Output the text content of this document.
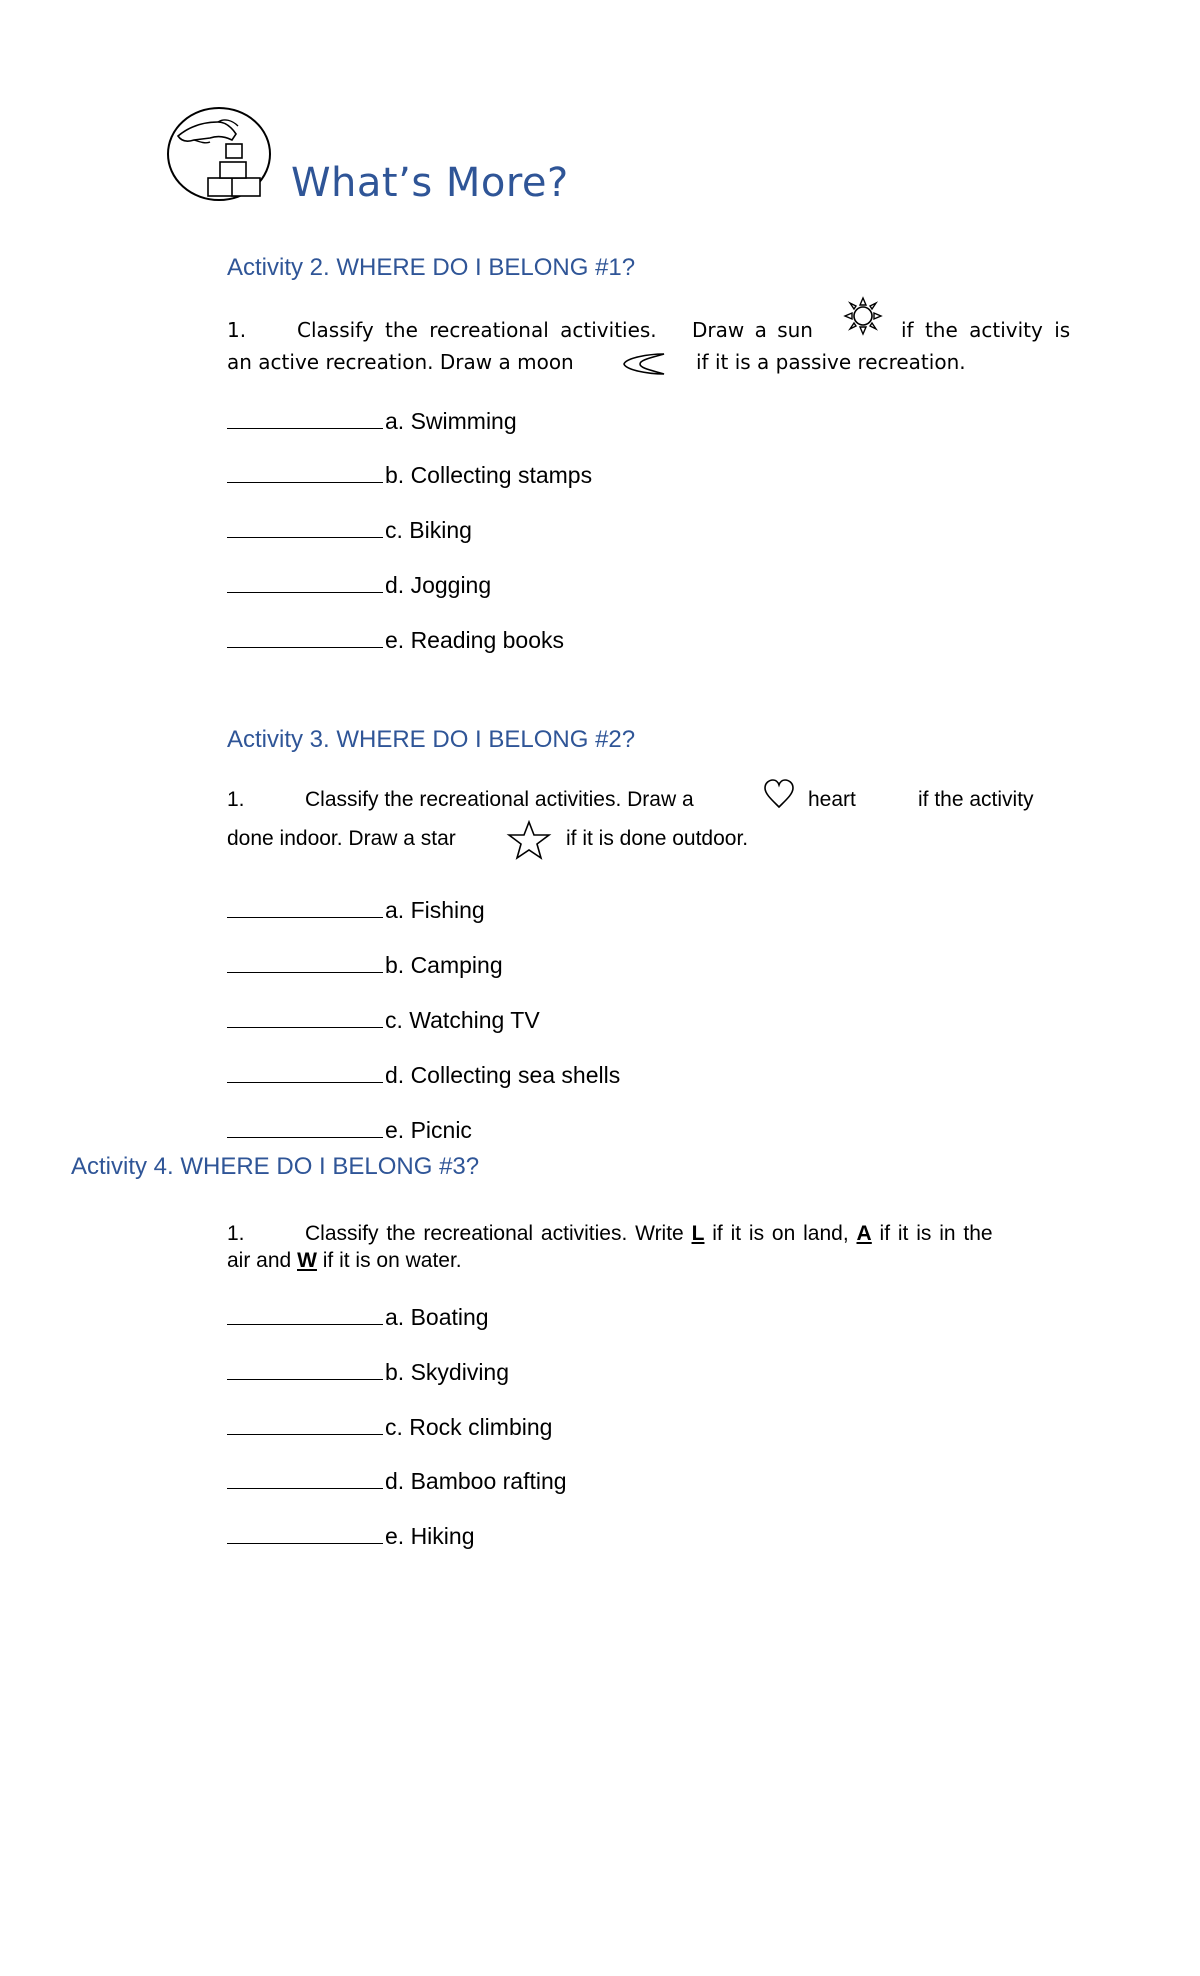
What’s More?
Activity 2. WHERE DO I BELONG #1?
1.	Classify the recreational activities. Draw a sun	if the activity is
an active recreation. Draw a moon	if it is a passive recreation.
a. Swimming
b. Collecting stamps
c. Biking
d. Jogging
e. Reading books
Activity 3. WHERE DO I BELONG #2?
1.	Classify the recreational activities. Draw a	heart	if the activity
done indoor. Draw a star	if it is done outdoor.
a. Fishing
b. Camping
c. Watching TV
d. Collecting sea shells
e. Picnic
Activity 4. WHERE DO I BELONG #3?
1.	Classify the recreational activities. Write L if it is on land, A if it is in the
air and W if it is on water.
a. Boating
b. Skydiving
c. Rock climbing
d. Bamboo rafting
e. Hiking
